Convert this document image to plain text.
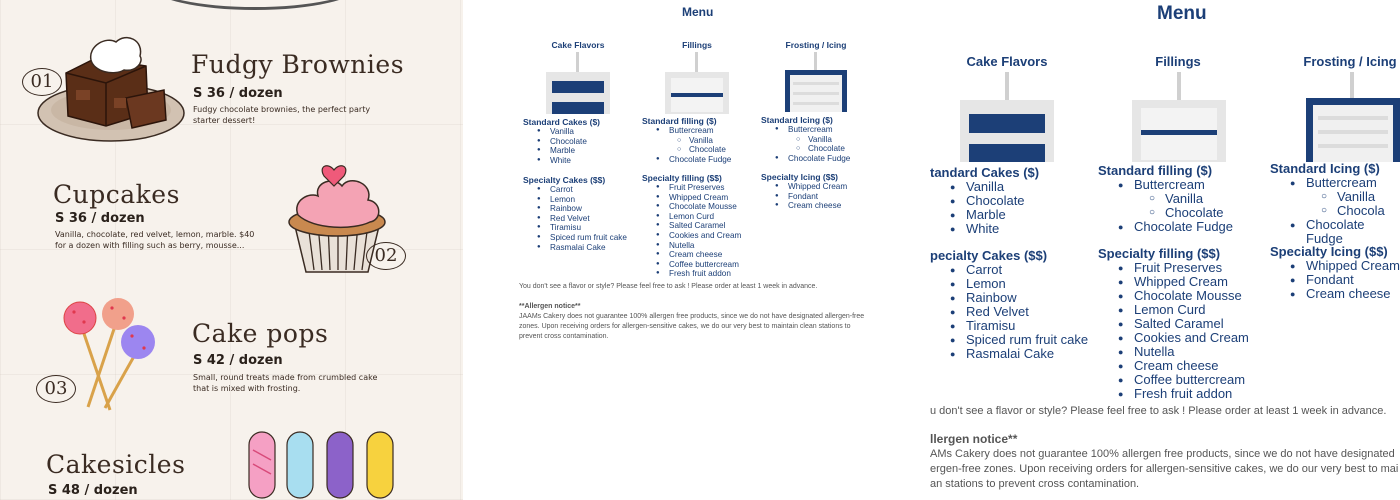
01
Fudgy Brownies
S 36 / dozen
Fudgy chocolate brownies, the perfect party starter dessert!
Cupcakes
S 36 / dozen
Vanilla, chocolate, red velvet, lemon, marble. $40 for a dozen with filling such as berry, mousse...	02
03
Cake pops
S 42 / dozen
Small, round treats made from crumbled cake that is mixed with frosting.
Cakesicles
S 48 / dozen
Menu
Cake Flavors	Fillings	Frosting / Icing
Standard Cakes ($)
● Vanilla
● Chocolate
● Marble
● White
Specialty Cakes ($$)
● Carrot
● Lemon
● Rainbow
● Red Velvet
● Tiramisu
● Spiced rum fruit cake
● Rasmalai Cake
Standard filling ($)
● Buttercream
○ Vanilla
○ Chocolate
● Chocolate Fudge
Specialty filling ($$)
● Fruit Preserves
● Whipped Cream
● Chocolate Mousse
● Lemon Curd
● Salted Caramel
● Cookies and Cream
● Nutella
● Cream cheese
● Coffee buttercream
● Fresh fruit addon
Standard Icing ($)
● Buttercream
○ Vanilla
○ Chocolate
● Chocolate Fudge
Specialty Icing ($$)
● Whipped Cream
● Fondant
● Cream cheese
You don't see a flavor or style? Please feel free to ask ! Please order at least 1 week in advance.
**Allergen notice**
JAAMs Cakery does not guarantee 100% allergen free products, since we do not have designated allergen-free zones. Upon receiving orders for allergen-sensitive cakes, we do our very best to maintain clean stations to prevent cross contamination.
Menu
Cake Flavors	Fillings	Frosting / Icing
tandard Cakes ($)
● Vanilla
● Chocolate
● Marble
● White
pecialty Cakes ($$)
● Carrot
● Lemon
● Rainbow
● Red Velvet
● Tiramisu
● Spiced rum fruit cake
● Rasmalai Cake
Standard filling ($)
● Buttercream
○ Vanilla
○ Chocolate
● Chocolate Fudge
Specialty filling ($$)
● Fruit Preserves
● Whipped Cream
● Chocolate Mousse
● Lemon Curd
● Salted Caramel
● Cookies and Cream
● Nutella
● Cream cheese
● Coffee buttercream
● Fresh fruit addon
Standard Icing ($)
● Buttercream
○ Vanilla
○ Chocola
● Chocolate Fudge
Specialty Icing ($$)
● Whipped Cream
● Fondant
● Cream cheese
u don't see a flavor or style? Please feel free to ask ! Please order at least 1 week in advance.
llergen notice**
AMs Cakery does not guarantee 100% allergen free products, since we do not have designated
ergen-free zones. Upon receiving orders for allergen-sensitive cakes, we do our very best to mai
an stations to prevent cross contamination.
